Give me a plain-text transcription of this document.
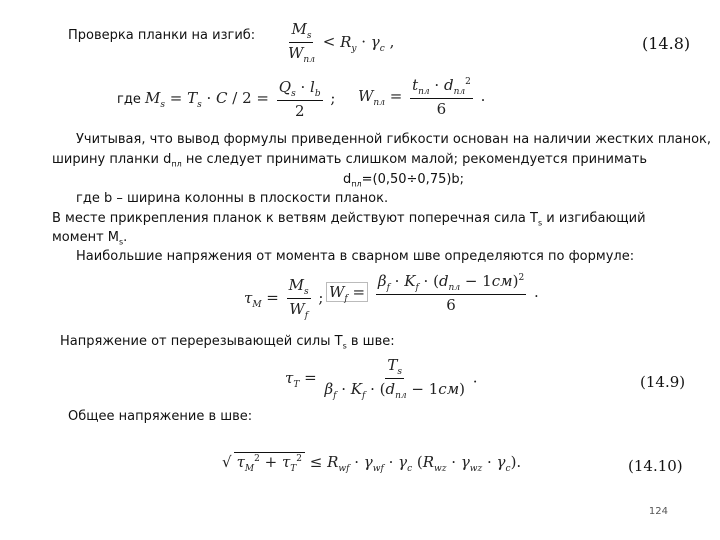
Проверка планки на изгиб: $\frac{M_s}{W_{пл}} < R_y \cdot \gamma_c$ ,	(14.8)
где $M_s = T_s \cdot C / 2 = \frac{Q_s \cdot l_b}{2}$ ; $W_{пл} = \frac{t_{пл} \cdot d_{пл}^2}{6}$ .
Учитывая, что вывод формулы приведенной гибкости основан на наличии жестких планок,
ширину планки $d_{пл}$ не следует принимать слишком малой; рекомендуется принимать
$d_{пл}=(0,50\div 0,75)b$;
где b – ширина колонны в плоскости планок.
В месте прикрепления планок к ветвям действуют поперечная сила $T_s$ и изгибающий
момент $M_s$.
Наибольшие напряжения от момента в сварном шве определяются по формуле:
$\tau_M = \frac{M_s}{W_f}$ ; $W_f = \frac{\beta_f \cdot K_f \cdot (d_{пл} - 1см)^2}{6}$ .
Напряжение от перерезывающей силы $T_s$ в шве:
$\tau_T = \frac{T_s}{\beta_f \cdot K_f \cdot (d_{пл} - 1см)}$ .	(14.9)
Общее напряжение в шве:
√ $\tau_M^2 + \tau_T^2 \le R_{wf} \cdot \gamma_{wf} \cdot \gamma_c$ $(R_{wz} \cdot \gamma_{wz} \cdot \gamma_c)$.	(14.10)
124
